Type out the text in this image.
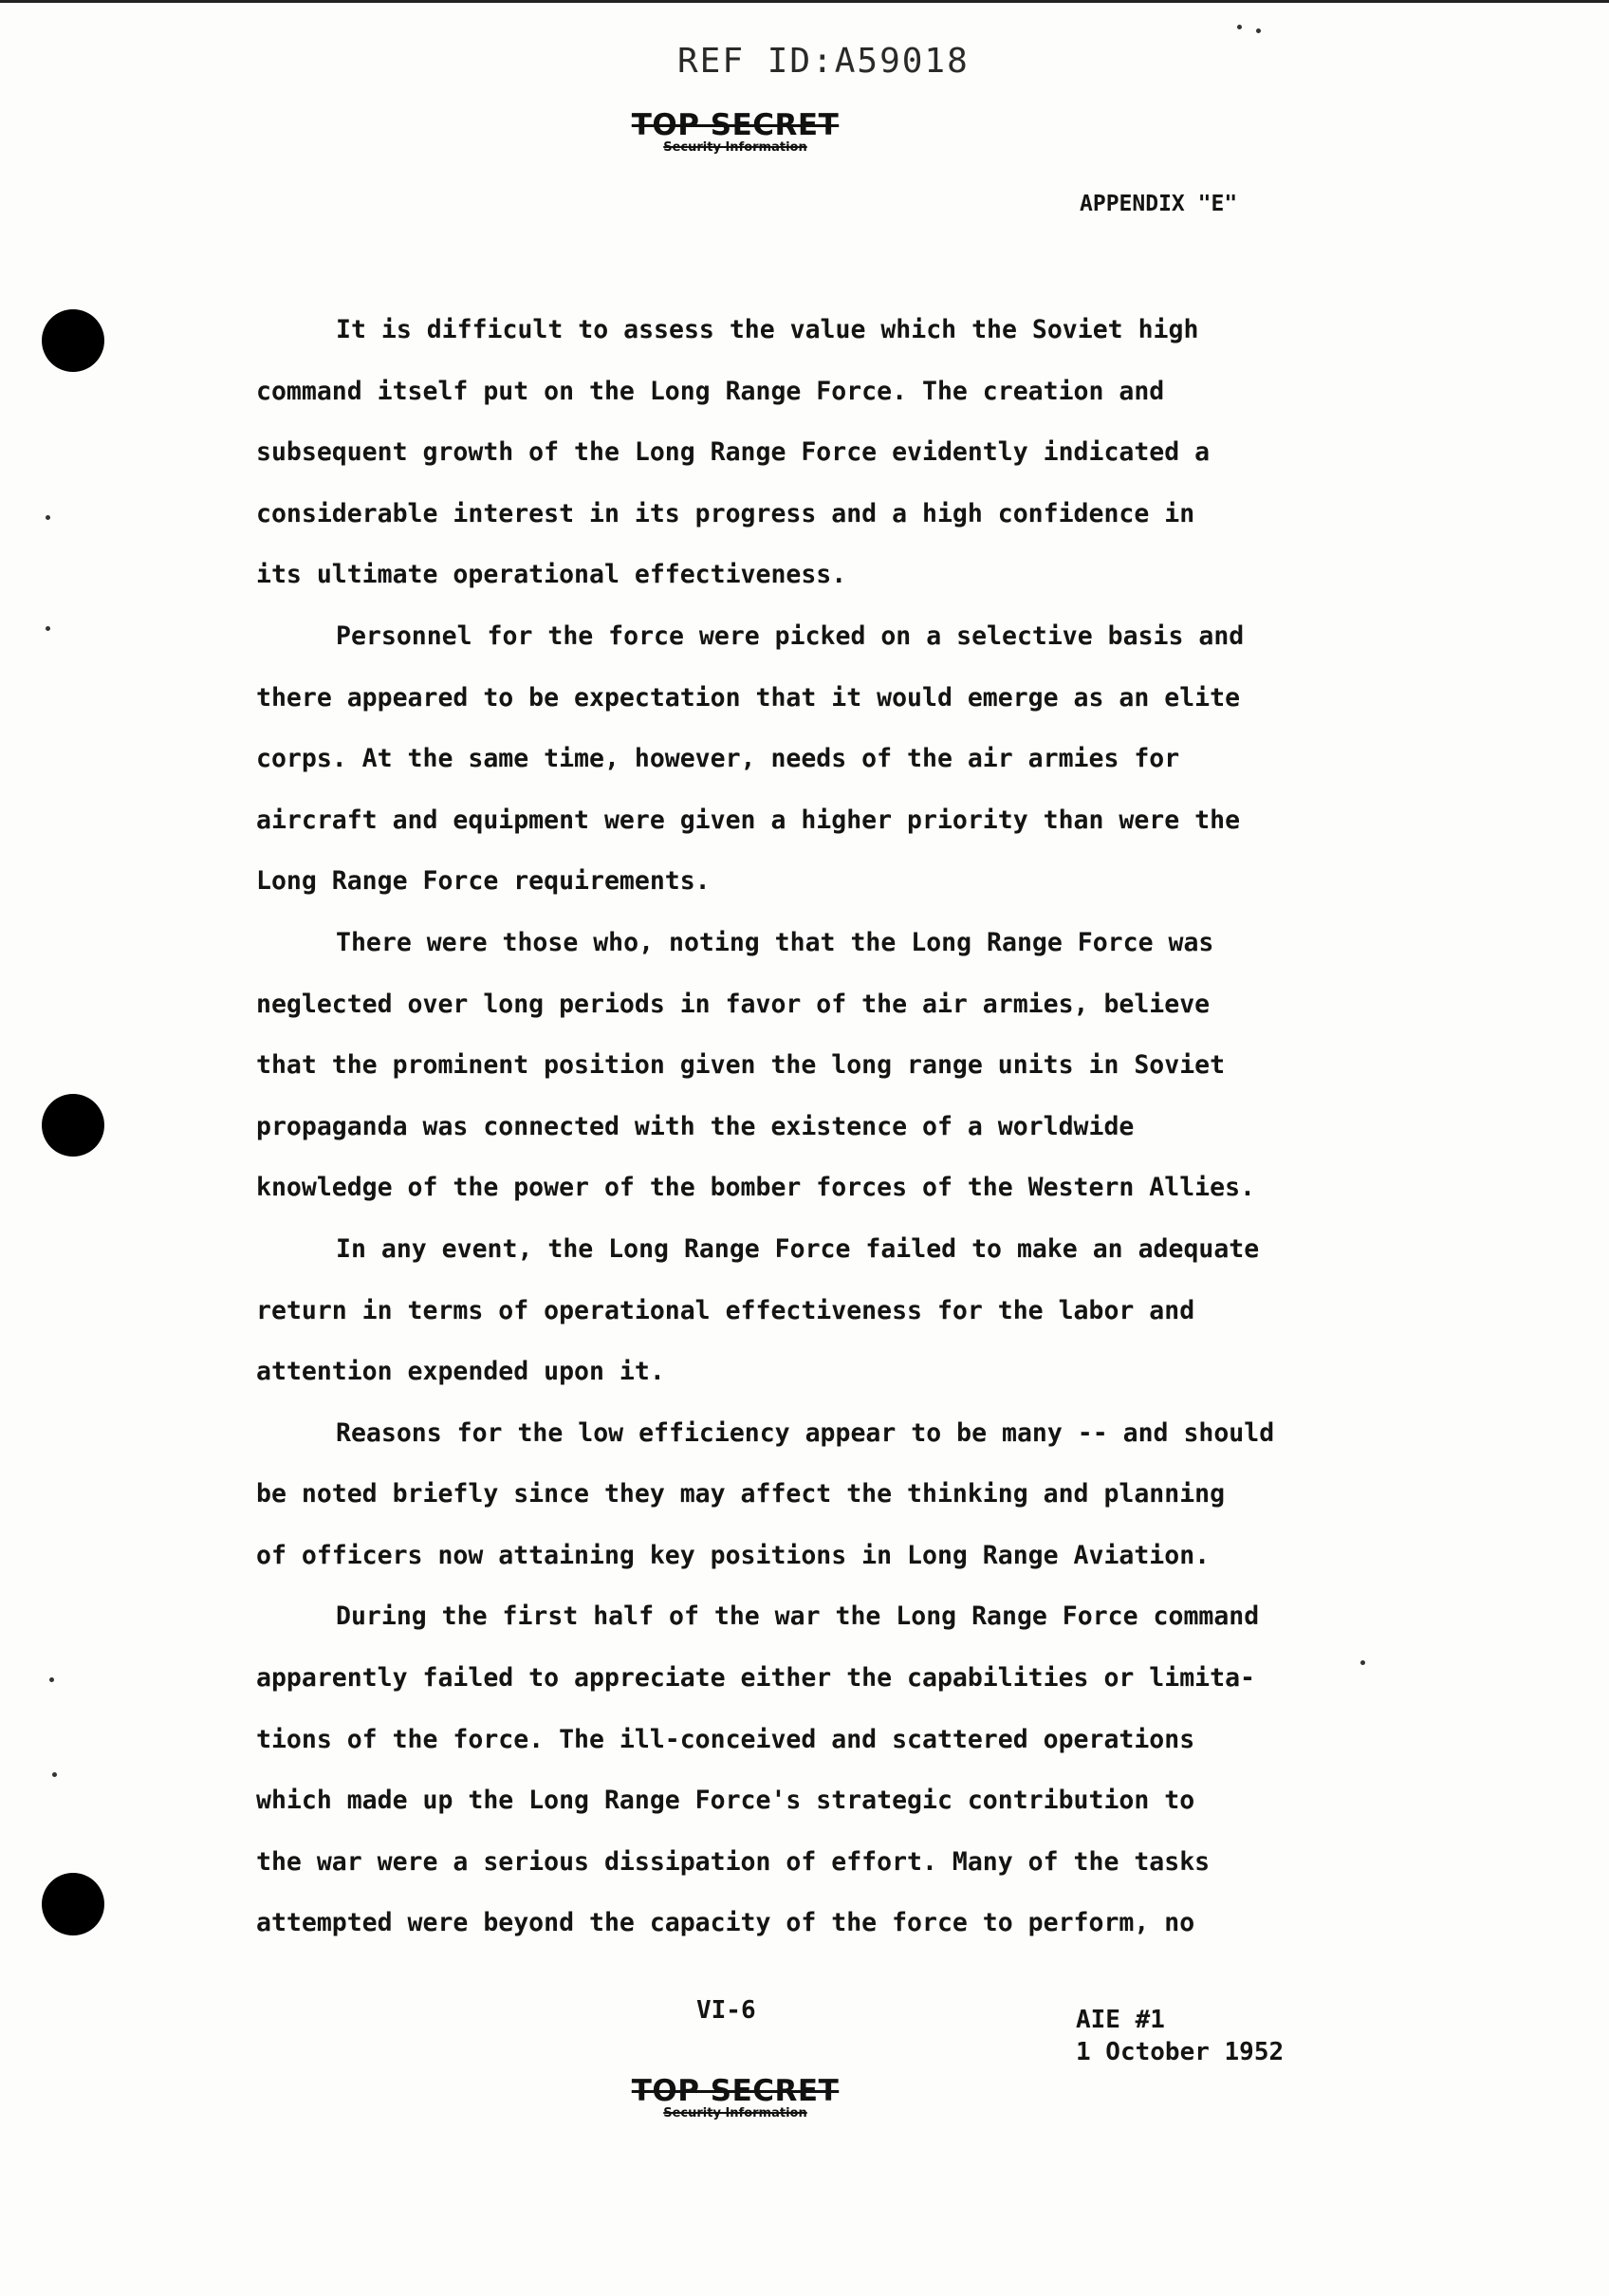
REF ID:A59018
TOP SECRET
Security Information
APPENDIX "E"

It is difficult to assess the value which the Soviet high
command itself put on the Long Range Force. The creation and
subsequent growth of the Long Range Force evidently indicated a
considerable interest in its progress and a high confidence in
its ultimate operational effectiveness.

Personnel for the force were picked on a selective basis and
there appeared to be expectation that it would emerge as an elite
corps. At the same time, however, needs of the air armies for
aircraft and equipment were given a higher priority than were the
Long Range Force requirements.

There were those who, noting that the Long Range Force was
neglected over long periods in favor of the air armies, believe
that the prominent position given the long range units in Soviet
propaganda was connected with the existence of a worldwide
knowledge of the power of the bomber forces of the Western Allies.

In any event, the Long Range Force failed to make an adequate
return in terms of operational effectiveness for the labor and
attention expended upon it.

Reasons for the low efficiency appear to be many -- and should
be noted briefly since they may affect the thinking and planning
of officers now attaining key positions in Long Range Aviation.

During the first half of the war the Long Range Force command
apparently failed to appreciate either the capabilities or limita-
tions of the force. The ill-conceived and scattered operations
which made up the Long Range Force's strategic contribution to
the war were a serious dissipation of effort. Many of the tasks
attempted were beyond the capacity of the force to perform, no

VI-6	AIE #1
1 October 1952
TOP SECRET
Security Information
